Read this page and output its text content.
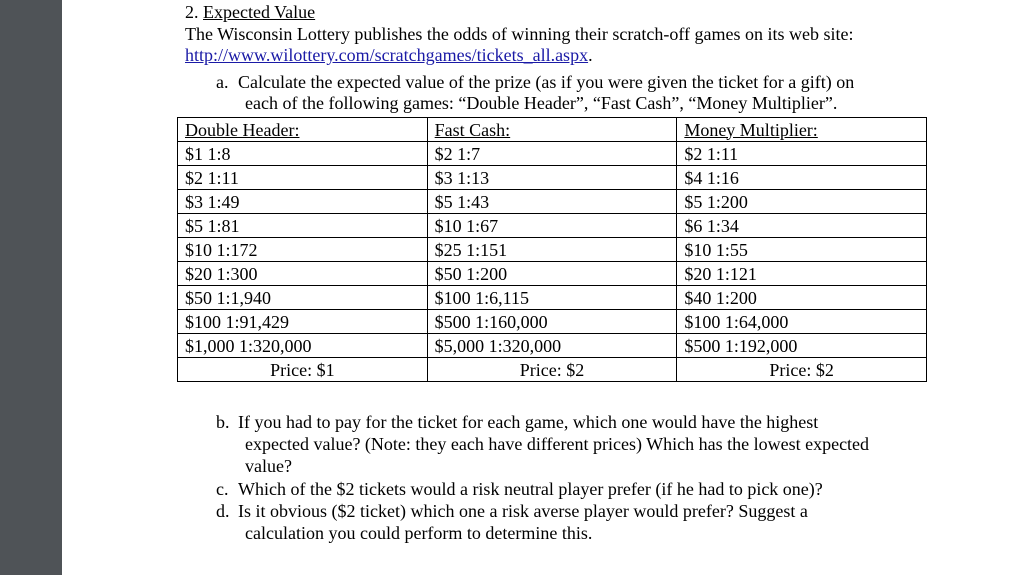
2. Expected Value
The Wisconsin Lottery publishes the odds of winning their scratch-off games on its web site:
http://www.wilottery.com/scratchgames/tickets_all.aspx.
a. Calculate the expected value of the prize (as if you were given the ticket for a gift) on
each of the following games: “Double Header”, “Fast Cash”, “Money Multiplier”.
Double Header:	Fast Cash:	Money Multiplier:
$1 1:8	$2 1:7	$2 1:11
$2 1:11	$3 1:13	$4 1:16
$3 1:49	$5 1:43	$5 1:200
$5 1:81	$10 1:67	$6 1:34
$10 1:172	$25 1:151	$10 1:55
$20 1:300	$50 1:200	$20 1:121
$50 1:1,940	$100 1:6,115	$40 1:200
$100 1:91,429	$500 1:160,000	$100 1:64,000
$1,000 1:320,000	$5,000 1:320,000	$500 1:192,000
Price: $1	Price: $2	Price: $2
b. If you had to pay for the ticket for each game, which one would have the highest
expected value? (Note: they each have different prices) Which has the lowest expected
value?
c. Which of the $2 tickets would a risk neutral player prefer (if he had to pick one)?
d. Is it obvious ($2 ticket) which one a risk averse player would prefer? Suggest a
calculation you could perform to determine this.
